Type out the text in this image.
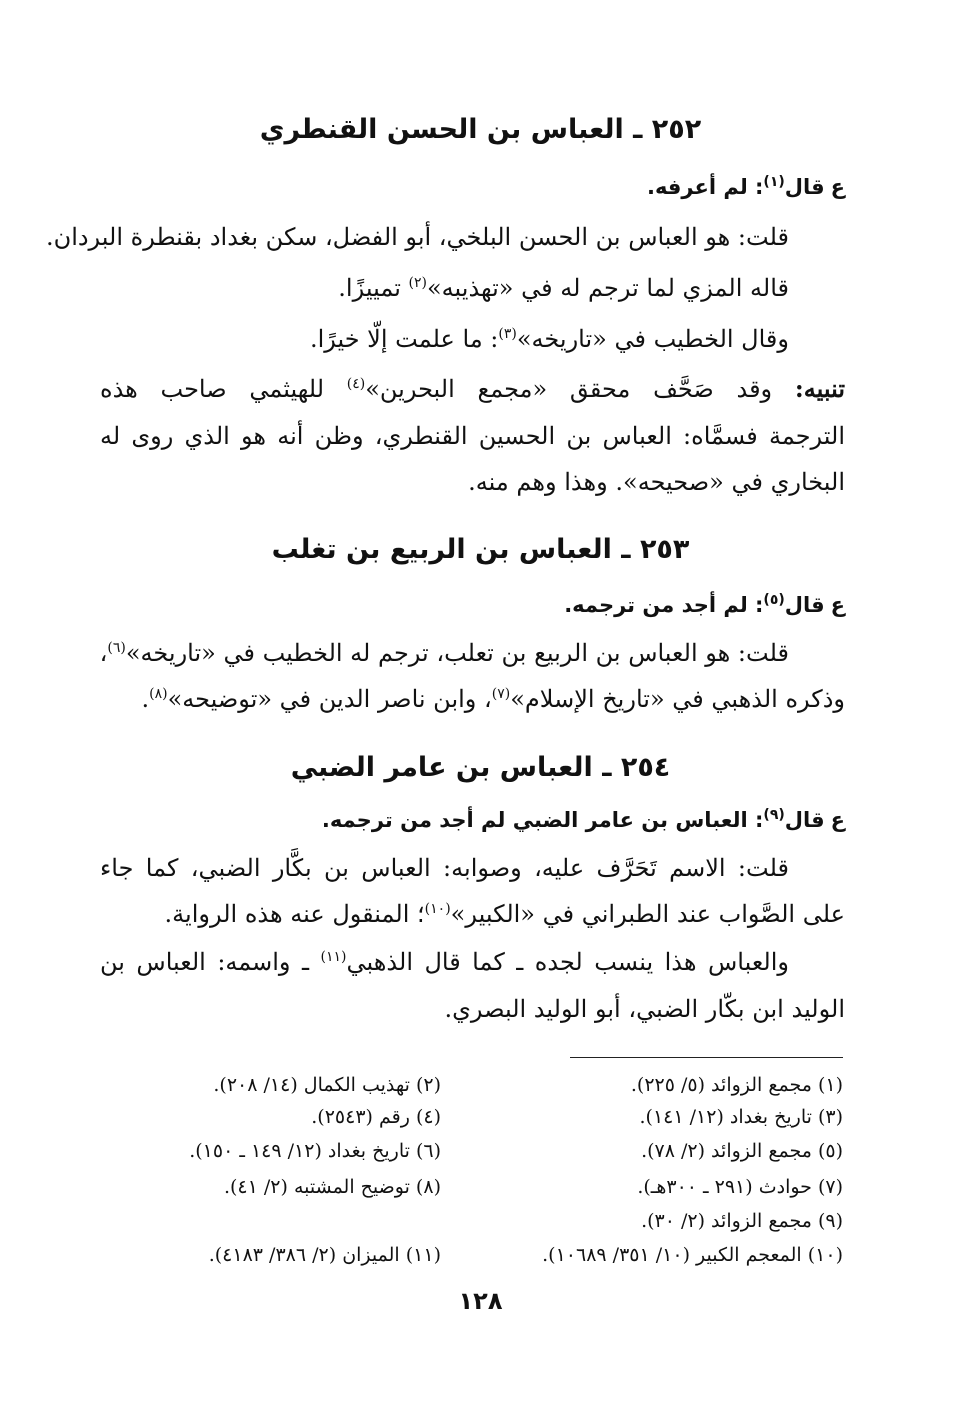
٢٥٢ ـ العباس بن الحسن القنطري
عقال$^{(١)}$: لم أعرفه.
قلت: هو العباس بن الحسن البلخي، أبو الفضل، سكن بغداد بقنطرة البردان.
قاله المزي لما ترجم له في «تهذيبه»$^{(٢)}$ تمييزًا.
وقال الخطيب في «تاريخه»$^{(٣)}$: ما علمت إلّا خيرًا.
تنبيه: وقد صَحَّف محقق «مجمع البحرين»$^{(٤)}$ للهيثمي صاحب هذه
الترجمة فسمَّاه: العباس بن الحسين القنطري، وظن أنه هو الذي روى له
البخاري في «صحيحه». وهذا وهم منه.
٢٥٣ ـ العباس بن الربيع بن تغلب
عقال$^{(٥)}$: لم أجد من ترجمه.
قلت: هو العباس بن الربيع بن تعلب، ترجم له الخطيب في «تاريخه»$^{(٦)}$،
وذكره الذهبي في «تاريخ الإسلام»$^{(٧)}$، وابن ناصر الدين في «توضيحه»$^{(٨)}$.
٢٥٤ ـ العباس بن عامر الضبي
عقال$^{(٩)}$: العباس بن عامر الضبي لم أجد من ترجمه.
قلت: الاسم تَحَرَّف عليه، وصوابه: العباس بن بكَّار الضبي، كما جاء
على الصَّواب عند الطبراني في «الكبير»$^{(١٠)}$؛ المنقول عنه هذه الرواية.
والعباس هذا ينسب لجده ـ كما قال الذهبي$^{(١١)}$ ـ واسمه: العباس بن
الوليد ابن بكّار الضبي، أبو الوليد البصري.
(١) مجمع الزوائد (٥/ ٢٢٥).
(٢) تهذيب الكمال (١٤/ ٢٠٨).
(٣) تاريخ بغداد (١٢/ ١٤١).
(٤) رقم (٢٥٤٣).
(٥) مجمع الزوائد (٢/ ٧٨).
(٦) تاريخ بغداد (١٢/ ١٤٩ ـ ١٥٠).
(٧) حوادث (٢٩١ ـ ٣٠٠هـ).
(٨) توضيح المشتبه (٢/ ٤١).
(٩) مجمع الزوائد (٢/ ٣٠).
(١٠) المعجم الكبير (١٠/ ٣٥١/ ١٠٦٨٩).
(١١) الميزان (٢/ ٣٨٦/ ٤١٨٣).
١٢٨
